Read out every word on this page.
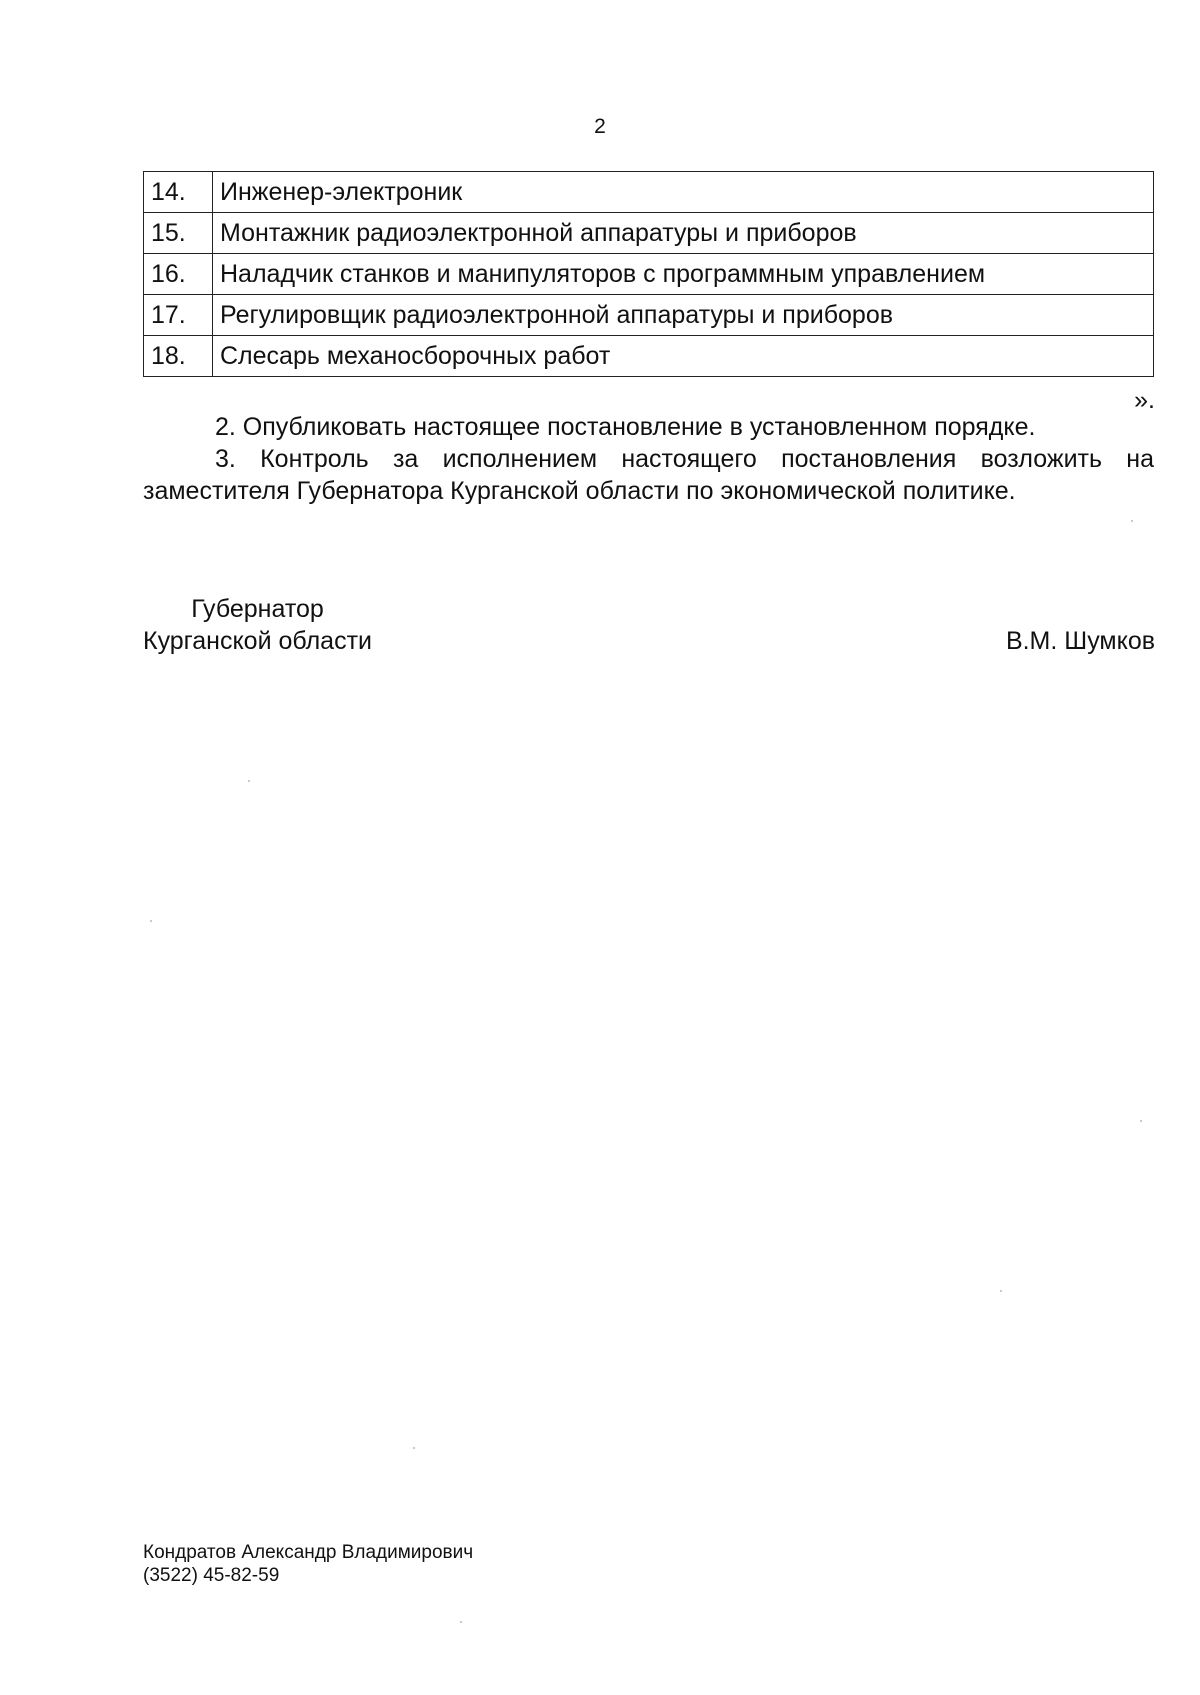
2
14.	Инженер-электроник
15.	Монтажник радиоэлектронной аппаратуры и приборов
16.	Наладчик станков и манипуляторов с программным управлением
17.	Регулировщик радиоэлектронной аппаратуры и приборов
18.	Слесарь механосборочных работ
».
2. Опубликовать настоящее постановление в установленном порядке.
3. Контроль за исполнением настоящего постановления возложить на заместителя Губернатора Курганской области по экономической политике.
Губернатор
Курганской области	В.М. Шумков
Кондратов Александр Владимирович
(3522) 45-82-59
